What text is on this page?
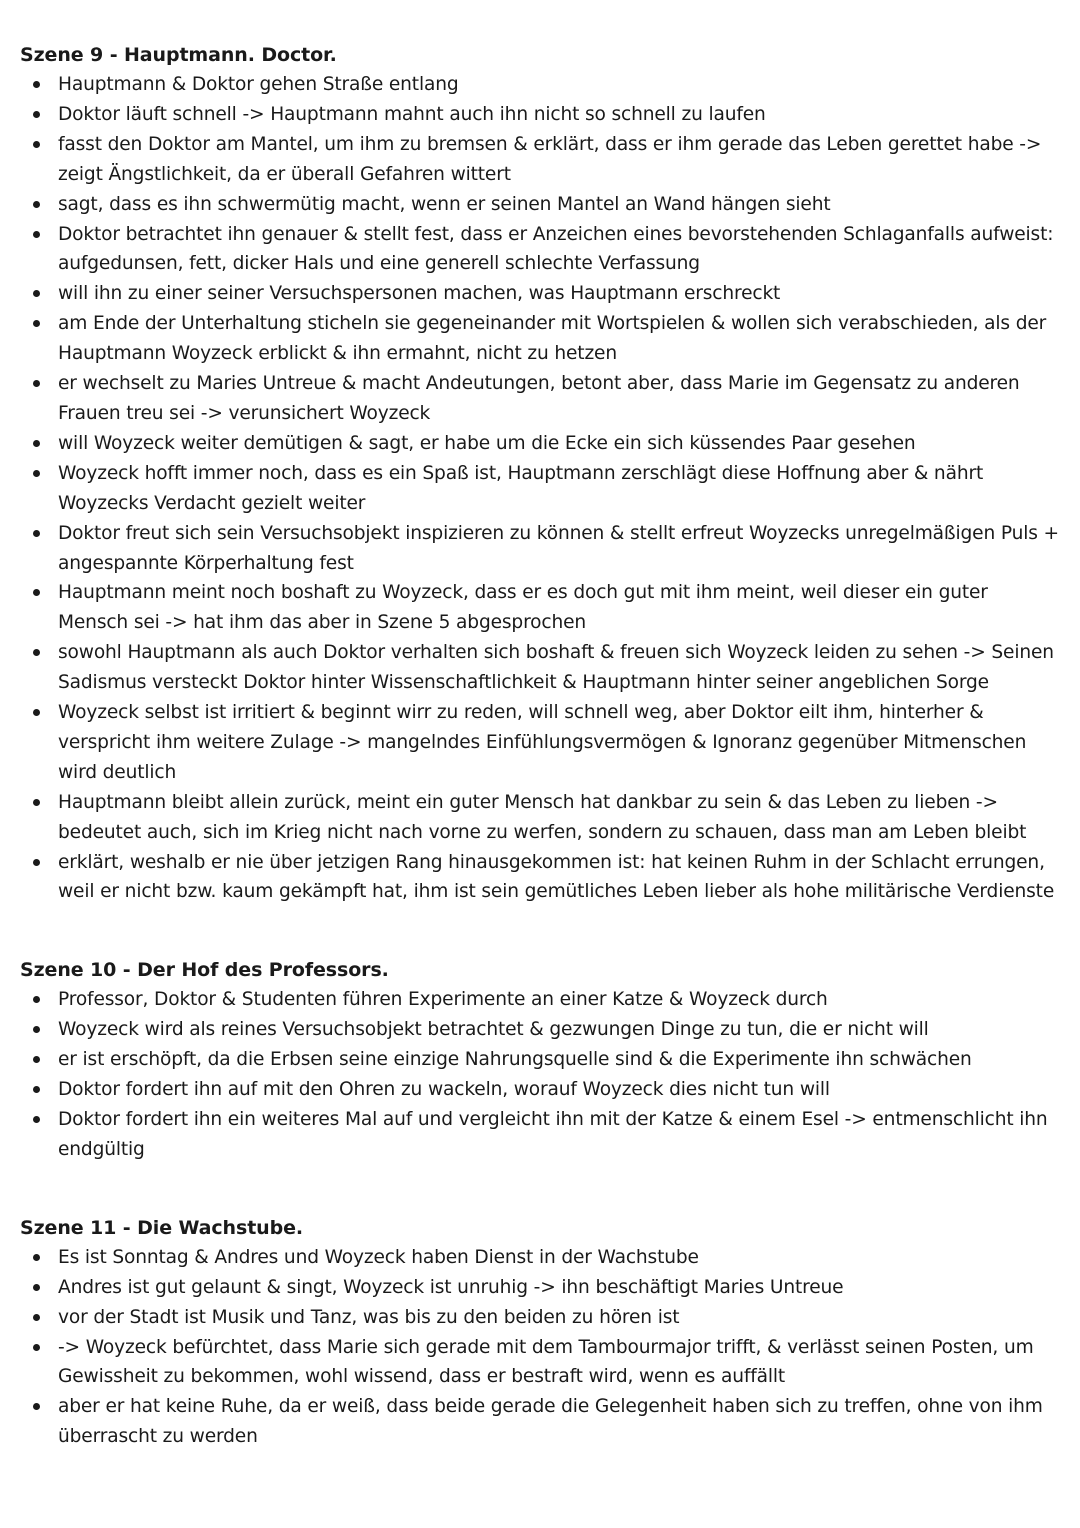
Szene 9 - Hauptmann. Doctor.
Hauptmann & Doktor gehen Straße entlang
Doktor läuft schnell -> Hauptmann mahnt auch ihn nicht so schnell zu laufen
fasst den Doktor am Mantel, um ihm zu bremsen & erklärt, dass er ihm gerade das Leben gerettet habe -> zeigt Ängstlichkeit, da er überall Gefahren wittert
sagt, dass es ihn schwermütig macht, wenn er seinen Mantel an Wand hängen sieht
Doktor betrachtet ihn genauer & stellt fest, dass er Anzeichen eines bevorstehenden Schlaganfalls aufweist: aufgedunsen, fett, dicker Hals und eine generell schlechte Verfassung
will ihn zu einer seiner Versuchspersonen machen, was Hauptmann erschreckt
am Ende der Unterhaltung sticheln sie gegeneinander mit Wortspielen & wollen sich verabschieden, als der Hauptmann Woyzeck erblickt & ihn ermahnt, nicht zu hetzen
er wechselt zu Maries Untreue & macht Andeutungen, betont aber, dass Marie im Gegensatz zu anderen Frauen treu sei -> verunsichert Woyzeck
will Woyzeck weiter demütigen & sagt, er habe um die Ecke ein sich küssendes Paar gesehen
Woyzeck hofft immer noch, dass es ein Spaß ist, Hauptmann zerschlägt diese Hoffnung aber & nährt Woyzecks Verdacht gezielt weiter
Doktor freut sich sein Versuchsobjekt inspizieren zu können & stellt erfreut Woyzecks unregelmäßigen Puls + angespannte Körperhaltung fest
Hauptmann meint noch boshaft zu Woyzeck, dass er es doch gut mit ihm meint, weil dieser ein guter Mensch sei -> hat ihm das aber in Szene 5 abgesprochen
sowohl Hauptmann als auch Doktor verhalten sich boshaft & freuen sich Woyzeck leiden zu sehen -> Seinen Sadismus versteckt Doktor hinter Wissenschaftlichkeit & Hauptmann hinter seiner angeblichen Sorge
Woyzeck selbst ist irritiert & beginnt wirr zu reden, will schnell weg, aber Doktor eilt ihm, hinterher & verspricht ihm weitere Zulage -> mangelndes Einfühlungsvermögen & Ignoranz gegenüber Mitmenschen wird deutlich
Hauptmann bleibt allein zurück, meint ein guter Mensch hat dankbar zu sein & das Leben zu lieben -> bedeutet auch, sich im Krieg nicht nach vorne zu werfen, sondern zu schauen, dass man am Leben bleibt
erklärt, weshalb er nie über jetzigen Rang hinausgekommen ist: hat keinen Ruhm in der Schlacht errungen, weil er nicht bzw. kaum gekämpft hat, ihm ist sein gemütliches Leben lieber als hohe militärische Verdienste
Szene 10 - Der Hof des Professors.
Professor, Doktor & Studenten führen Experimente an einer Katze & Woyzeck durch
Woyzeck wird als reines Versuchsobjekt betrachtet & gezwungen Dinge zu tun, die er nicht will
er ist erschöpft, da die Erbsen seine einzige Nahrungsquelle sind & die Experimente ihn schwächen
Doktor fordert ihn auf mit den Ohren zu wackeln, worauf Woyzeck dies nicht tun will
Doktor fordert ihn ein weiteres Mal auf und vergleicht ihn mit der Katze & einem Esel -> entmenschlicht ihn endgültig
Szene 11 - Die Wachstube.
Es ist Sonntag & Andres und Woyzeck haben Dienst in der Wachstube
Andres ist gut gelaunt & singt, Woyzeck ist unruhig -> ihn beschäftigt Maries Untreue
vor der Stadt ist Musik und Tanz, was bis zu den beiden zu hören ist
-> Woyzeck befürchtet, dass Marie sich gerade mit dem Tambourmajor trifft, & verlässt seinen Posten, um Gewissheit zu bekommen, wohl wissend, dass er bestraft wird, wenn es auffällt
aber er hat keine Ruhe, da er weiß, dass beide gerade die Gelegenheit haben sich zu treffen, ohne von ihm überrascht zu werden
